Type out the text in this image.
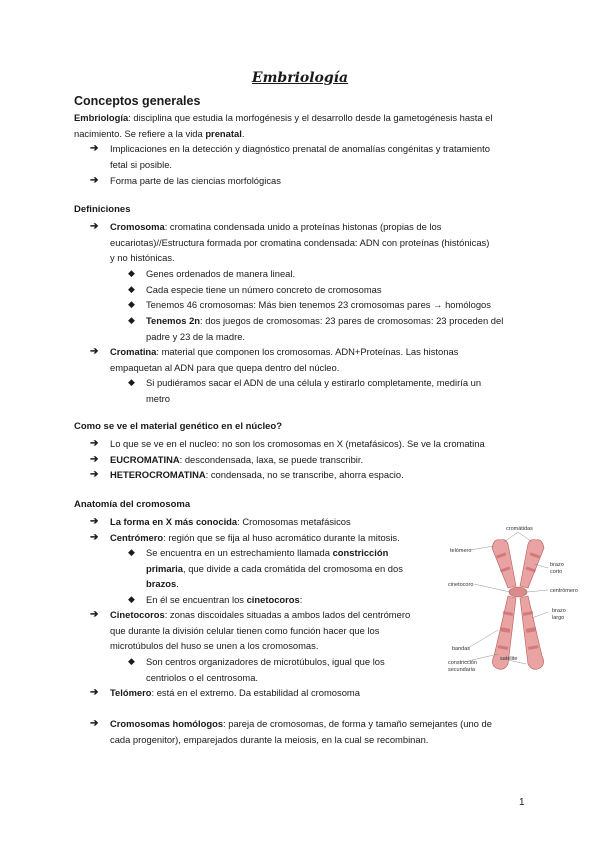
Embriología
Conceptos generales
Embriología: disciplina que estudia la morfogénesis y el desarrollo desde la gametogénesis hasta el
nacimiento. Se refiere a la vida prenatal.
➔ Implicaciones en la detección y diagnóstico prenatal de anomalías congénitas y tratamiento
fetal si posible.
➔ Forma parte de las ciencias morfológicas
Definiciones
➔ Cromosoma: cromatina condensada unido a proteínas histonas (propias de los
eucariotas)//Estructura formada por cromatina condensada: ADN con proteínas (histónicas)
y no histónicas.
◆ Genes ordenados de manera lineal.
◆ Cada especie tiene un número concreto de cromosomas
◆ Tenemos 46 cromosomas: Más bien tenemos 23 cromosomas pares → homólogos
◆ Tenemos 2n: dos juegos de cromosomas: 23 pares de cromosomas: 23 proceden del
padre y 23 de la madre.
➔ Cromatina: material que componen los cromosomas. ADN+Proteínas. Las histonas
empaquetan al ADN para que quepa dentro del núcleo.
◆ Si pudiéramos sacar el ADN de una célula y estirarlo completamente, mediría un
metro
Como se ve el material genético en el núcleo?
➔ Lo que se ve en el nucleo: no son los cromosomas en X (metafásicos). Se ve la cromatina
➔ EUCROMATINA: descondensada, laxa, se puede transcribir.
➔ HETEROCROMATINA: condensada, no se transcribe, ahorra espacio.
Anatomía del cromosoma
➔ La forma en X más conocida: Cromosomas metafásicos
➔ Centrómero: región que se fija al huso acromático durante la mitosis.
◆ Se encuentra en un estrechamiento llamada constricción
primaria, que divide a cada cromátida del cromosoma en dos
brazos.
◆ En él se encuentran los cinetocoros:
➔ Cinetocoros: zonas discoidales situadas a ambos lados del centrómero
que durante la división celular tienen como función hacer que los
microtúbulos del huso se unen a los cromosomas.
◆ Son centros organizadores de microtúbulos, igual que los
centriolos o el centrosoma.
➔ Telómero: está en el extremo. Da estabilidad al cromosoma
➔ Cromosomas homólogos: pareja de cromosomas, de forma y tamaño semejantes (uno de
cada progenitor), emparejados durante la meiosis, en la cual se recombinan.
cromátidas
telómero
brazo
corto
cinetocoro
centrómero
brazo
largo
bandas
constricción
secundaria
satélite
1
